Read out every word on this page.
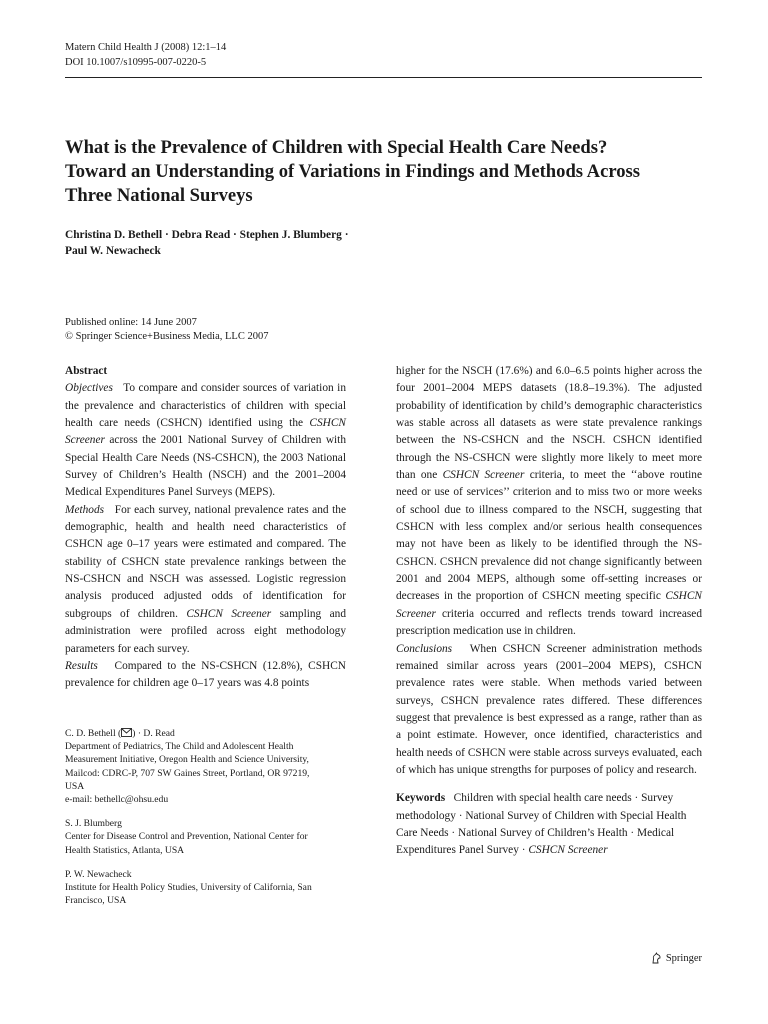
Matern Child Health J (2008) 12:1–14
DOI 10.1007/s10995-007-0220-5
What is the Prevalence of Children with Special Health Care Needs? Toward an Understanding of Variations in Findings and Methods Across Three National Surveys
Christina D. Bethell · Debra Read · Stephen J. Blumberg ·
Paul W. Newacheck
Published online: 14 June 2007
© Springer Science+Business Media, LLC 2007
Abstract
Objectives To compare and consider sources of variation in the prevalence and characteristics of children with special health care needs (CSHCN) identified using the CSHCN Screener across the 2001 National Survey of Children with Special Health Care Needs (NS-CSHCN), the 2003 National Survey of Children’s Health (NSCH) and the 2001–2004 Medical Expenditures Panel Surveys (MEPS).
Methods For each survey, national prevalence rates and the demographic, health and health need characteristics of CSHCN age 0–17 years were estimated and compared. The stability of CSHCN state prevalence rankings between the NS-CSHCN and NSCH was assessed. Logistic regression analysis produced adjusted odds of identification for subgroups of children. CSHCN Screener sampling and administration were profiled across eight methodology parameters for each survey.
Results Compared to the NS-CSHCN (12.8%), CSHCN prevalence for children age 0–17 years was 4.8 points
C. D. Bethell ( ) · D. Read
Department of Pediatrics, The Child and Adolescent Health
Measurement Initiative, Oregon Health and Science University,
Mailcod: CDRC-P, 707 SW Gaines Street, Portland, OR 97219,
USA
e-mail: bethellc@ohsu.edu
S. J. Blumberg
Center for Disease Control and Prevention, National Center for
Health Statistics, Atlanta, USA
P. W. Newacheck
Institute for Health Policy Studies, University of California, San
Francisco, USA
higher for the NSCH (17.6%) and 6.0–6.5 points higher across the four 2001–2004 MEPS datasets (18.8–19.3%). The adjusted probability of identification by child’s demographic characteristics was stable across all datasets as were state prevalence rankings between the NS-CSHCN and the NSCH. CSHCN identified through the NS-CSHCN were slightly more likely to meet more than one CSHCN Screener criteria, to meet the ‘‘above routine need or use of services’’ criterion and to miss two or more weeks of school due to illness compared to the NSCH, suggesting that CSHCN with less complex and/or serious health consequences may not have been as likely to be identified through the NS-CSHCN. CSHCN prevalence did not change significantly between 2001 and 2004 MEPS, although some off-setting increases or decreases in the proportion of CSHCN meeting specific CSHCN Screener criteria occurred and reflects trends toward increased prescription medication use in children.
Conclusions When CSHCN Screener administration methods remained similar across years (2001–2004 MEPS), CSHCN prevalence rates were stable. When methods varied between surveys, CSHCN prevalence rates differed. These differences suggest that prevalence is best expressed as a range, rather than as a point estimate. However, once identified, characteristics and health needs of CSHCN were stable across surveys evaluated, each of which has unique strengths for purposes of policy and research.
Keywords Children with special health care needs · Survey methodology · National Survey of Children with Special Health Care Needs · National Survey of Children’s Health · Medical Expenditures Panel Survey · CSHCN Screener
Springer
